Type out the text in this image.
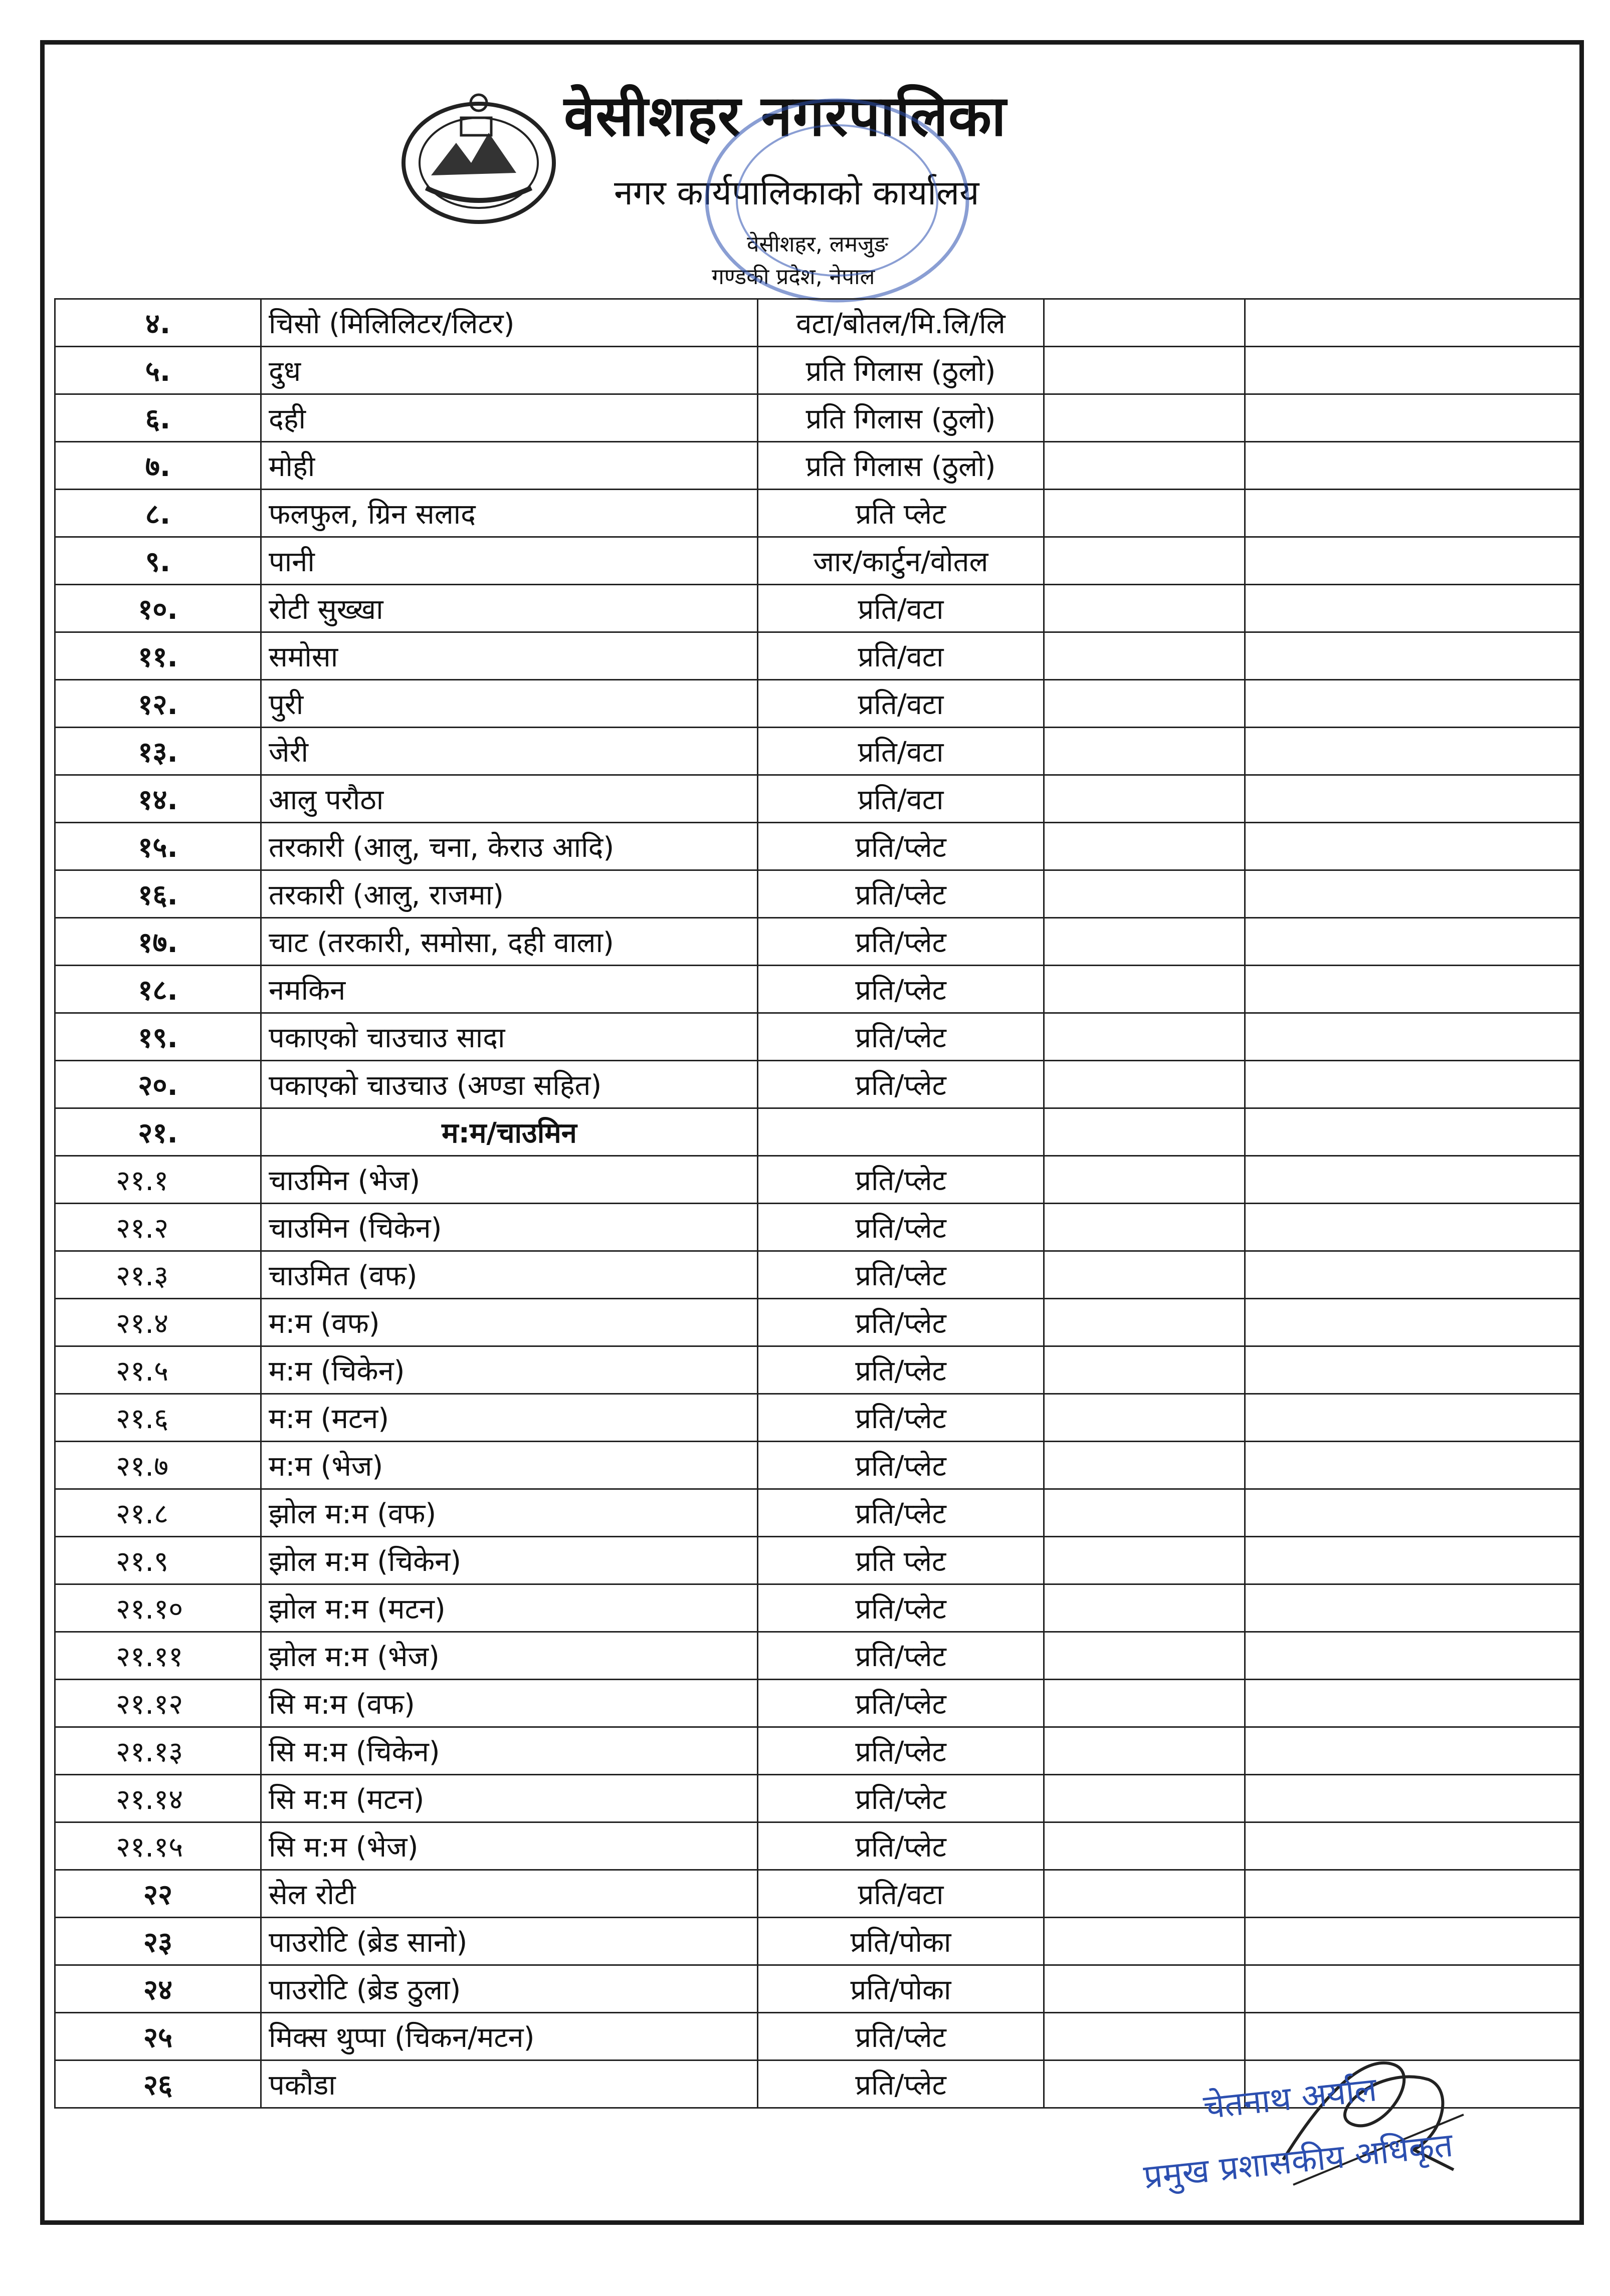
वेसीशहर नगरपालिका
नगर कार्यपालिकाको कार्यालय
वेसीशहर, लमजुङ
गण्डकी प्रदेश, नेपाल
४.	चिसो (मिलिलिटर/लिटर)	वटा/बोतल/मि.लि/लि		
५.	दुध	प्रति गिलास (ठुलो)		
६.	दही	प्रति गिलास (ठुलो)		
७.	मोही	प्रति गिलास (ठुलो)		
८.	फलफुल, ग्रिन सलाद	प्रति प्लेट		
९.	पानी	जार/कार्टुन/वोतल		
१०.	रोटी सुख्खा	प्रति/वटा		
११.	समोसा	प्रति/वटा		
१२.	पुरी	प्रति/वटा		
१३.	जेरी	प्रति/वटा		
१४.	आलु परौठा	प्रति/वटा		
१५.	तरकारी (आलु, चना, केराउ आदि)	प्रति/प्लेट		
१६.	तरकारी (आलु, राजमा)	प्रति/प्लेट		
१७.	चाट (तरकारी, समोसा, दही वाला)	प्रति/प्लेट		
१८.	नमकिन	प्रति/प्लेट		
१९.	पकाएको चाउचाउ सादा	प्रति/प्लेट		
२०.	पकाएको चाउचाउ (अण्डा सहित)	प्रति/प्लेट		
२१.	म:म/चाउमिन			
२१.१	चाउमिन (भेज)	प्रति/प्लेट		
२१.२	चाउमिन (चिकेन)	प्रति/प्लेट		
२१.३	चाउमित (वफ)	प्रति/प्लेट		
२१.४	म:म (वफ)	प्रति/प्लेट		
२१.५	म:म (चिकेन)	प्रति/प्लेट		
२१.६	म:म (मटन)	प्रति/प्लेट		
२१.७	म:म (भेज)	प्रति/प्लेट		
२१.८	झोल म:म (वफ)	प्रति/प्लेट		
२१.९	झोल म:म (चिकेन)	प्रति प्लेट		
२१.१०	झोल म:म (मटन)	प्रति/प्लेट		
२१.११	झोल म:म (भेज)	प्रति/प्लेट		
२१.१२	सि म:म (वफ)	प्रति/प्लेट		
२१.१३	सि म:म (चिकेन)	प्रति/प्लेट		
२१.१४	सि म:म (मटन)	प्रति/प्लेट		
२१.१५	सि म:म (भेज)	प्रति/प्लेट		
२२	सेल रोटी	प्रति/वटा		
२३	पाउरोटि (ब्रेड सानो)	प्रति/पोका		
२४	पाउरोटि (ब्रेड ठुला)	प्रति/पोका		
२५	मिक्स थुप्पा (चिकन/मटन)	प्रति/प्लेट		
२६	पकौडा	प्रति/प्लेट			चेतनाथ अर्याल
प्रमुख प्रशासकीय अधिकृत
